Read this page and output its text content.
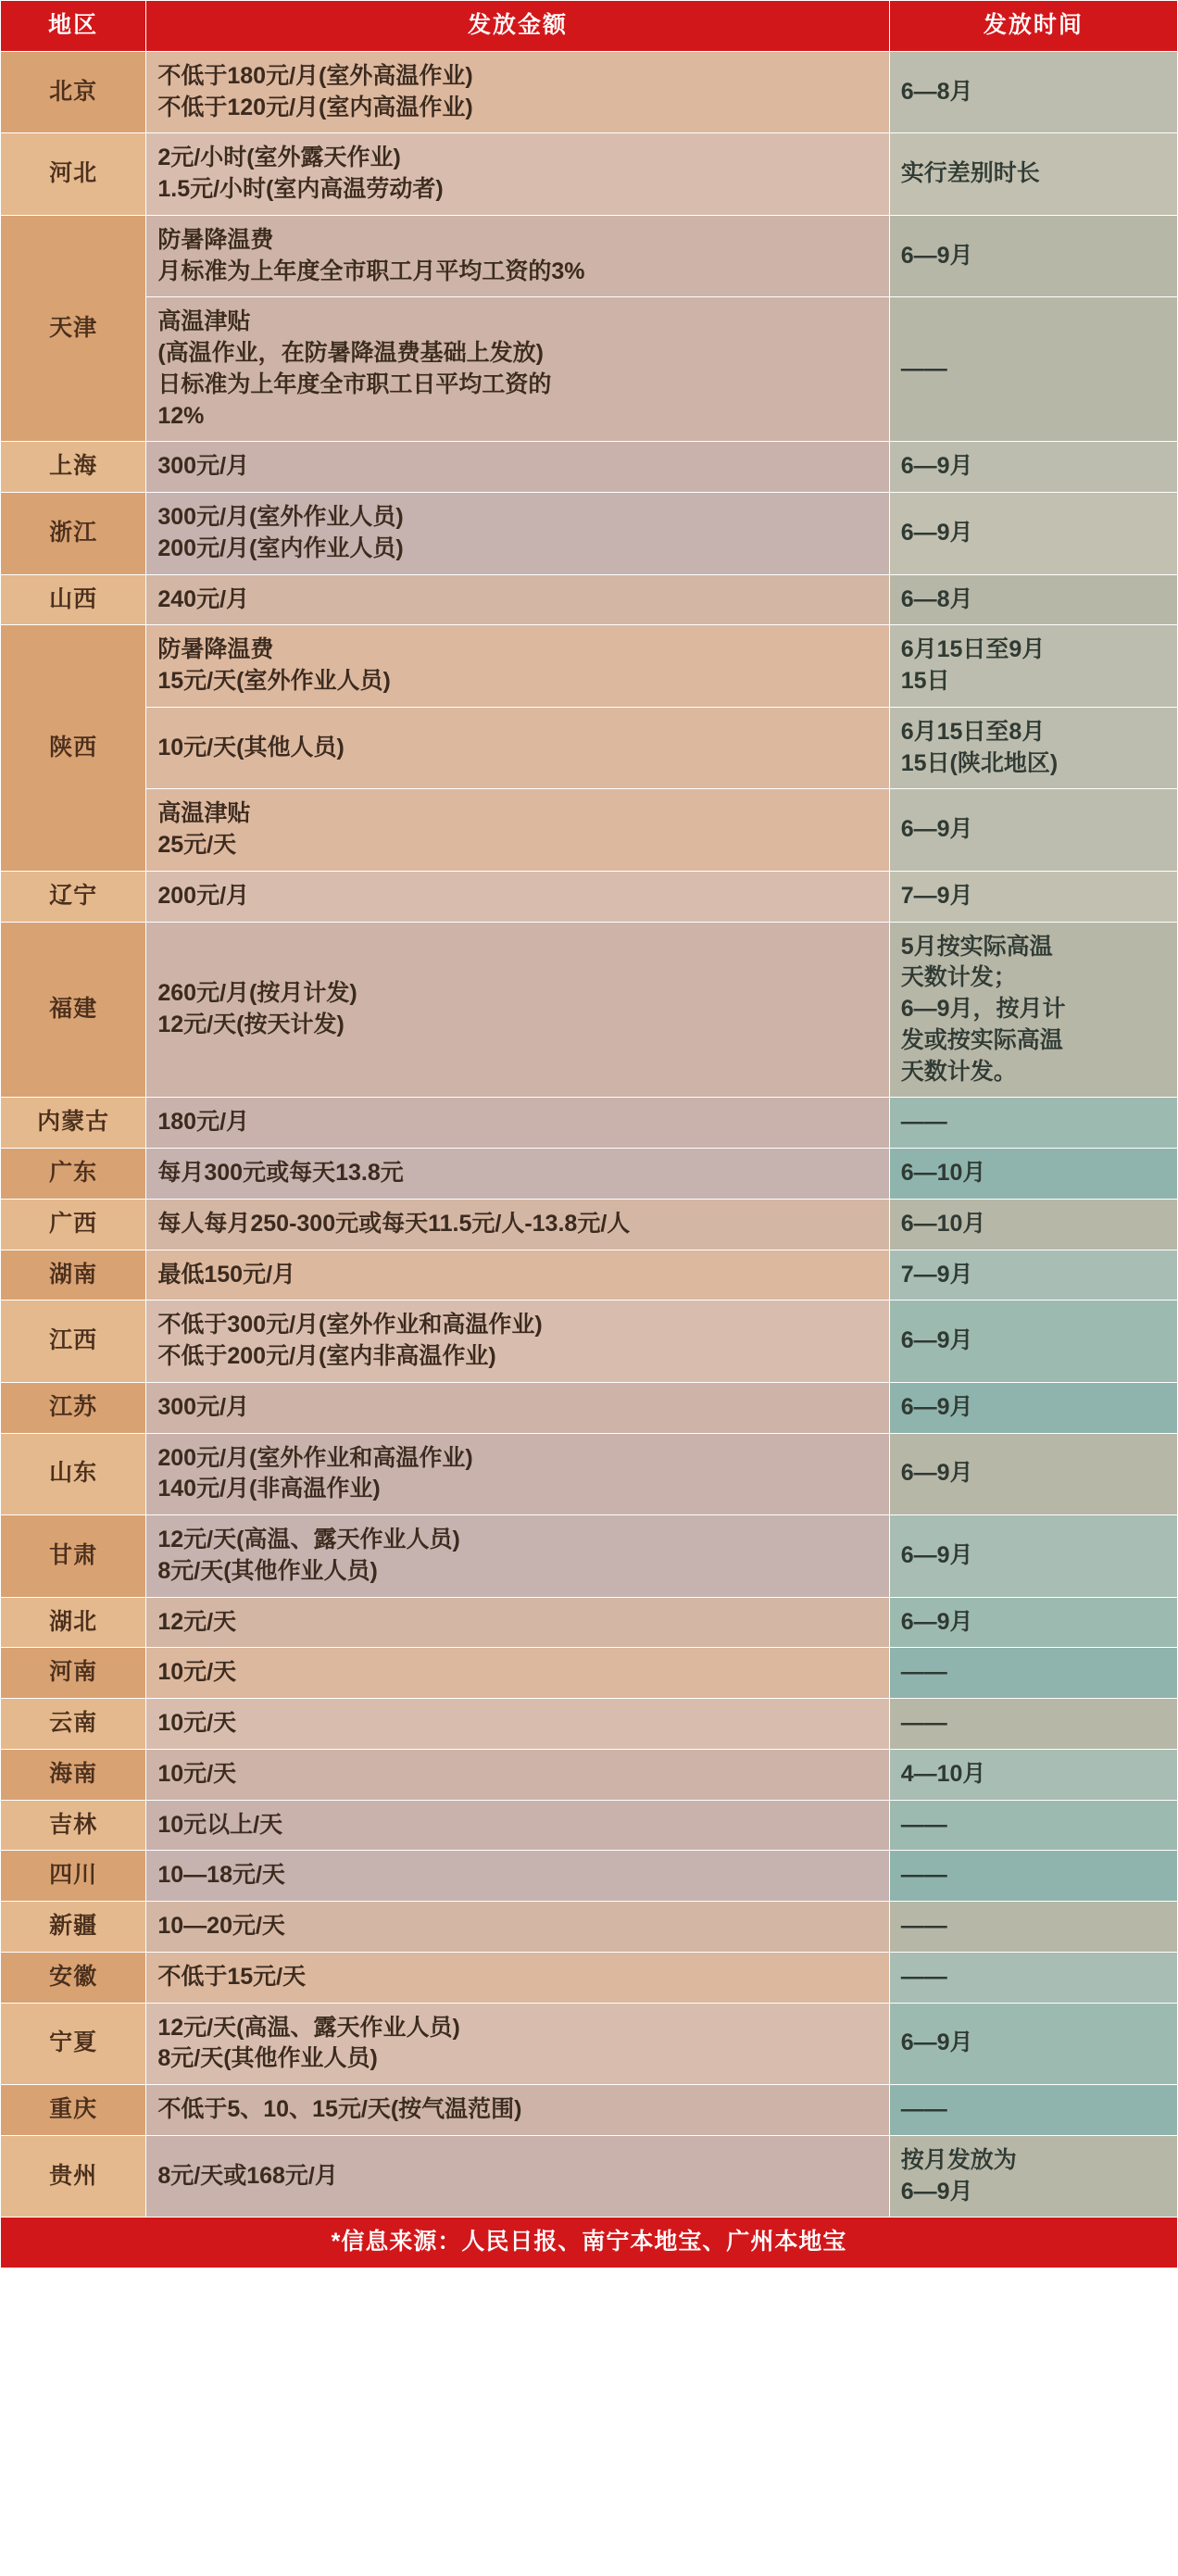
地区	发放金额	发放时间
北京	不低于180元/月(室外高温作业)
不低于120元/月(室内高温作业)	6—8月

河北	2元/小时(室外露天作业)
1.5元/小时(室内高温劳动者)	实行差别时长

天津	防暑降温费
月标准为上年度全市职工月平均工资的3%	6—9月

	高温津贴
(高温作业，在防暑降温费基础上发放)
日标准为上年度全市职工日平均工资的
12%	——

上海	300元/月	6—9月

浙江	300元/月(室外作业人员)
200元/月(室内作业人员)	6—9月

山西	240元/月	6—8月

陕西	防暑降温费
15元/天(室外作业人员)	6月15日至9月
15日

	10元/天(其他人员)	6月15日至8月
15日(陕北地区)

	高温津贴
25元/天	6—9月

辽宁	200元/月	7—9月

福建	260元/月(按月计发)
12元/天(按天计发)	5月按实际高温
天数计发；
6—9月，按月计
发或按实际高温
天数计发。

内蒙古	180元/月	——

广东	每月300元或每天13.8元	6—10月

广西	每人每月250-300元或每天11.5元/人-13.8元/人	6—10月

湖南	最低150元/月	7—9月

江西	不低于300元/月(室外作业和高温作业)
不低于200元/月(室内非高温作业)	6—9月

江苏	300元/月	6—9月

山东	200元/月(室外作业和高温作业)
140元/月(非高温作业)	6—9月

甘肃	12元/天(高温、露天作业人员)
8元/天(其他作业人员)	6—9月

湖北	12元/天	6—9月

河南	10元/天	——

云南	10元/天	——

海南	10元/天	4—10月

吉林	10元以上/天	——

四川	10—18元/天	——

新疆	10—20元/天	——

安徽	不低于15元/天	——

宁夏	12元/天(高温、露天作业人员)
8元/天(其他作业人员)	6—9月

重庆	不低于5、10、15元/天(按气温范围)	——

贵州	8元/天或168元/月	按月发放为
6—9月

*信息来源：人民日报、南宁本地宝、广州本地宝		
